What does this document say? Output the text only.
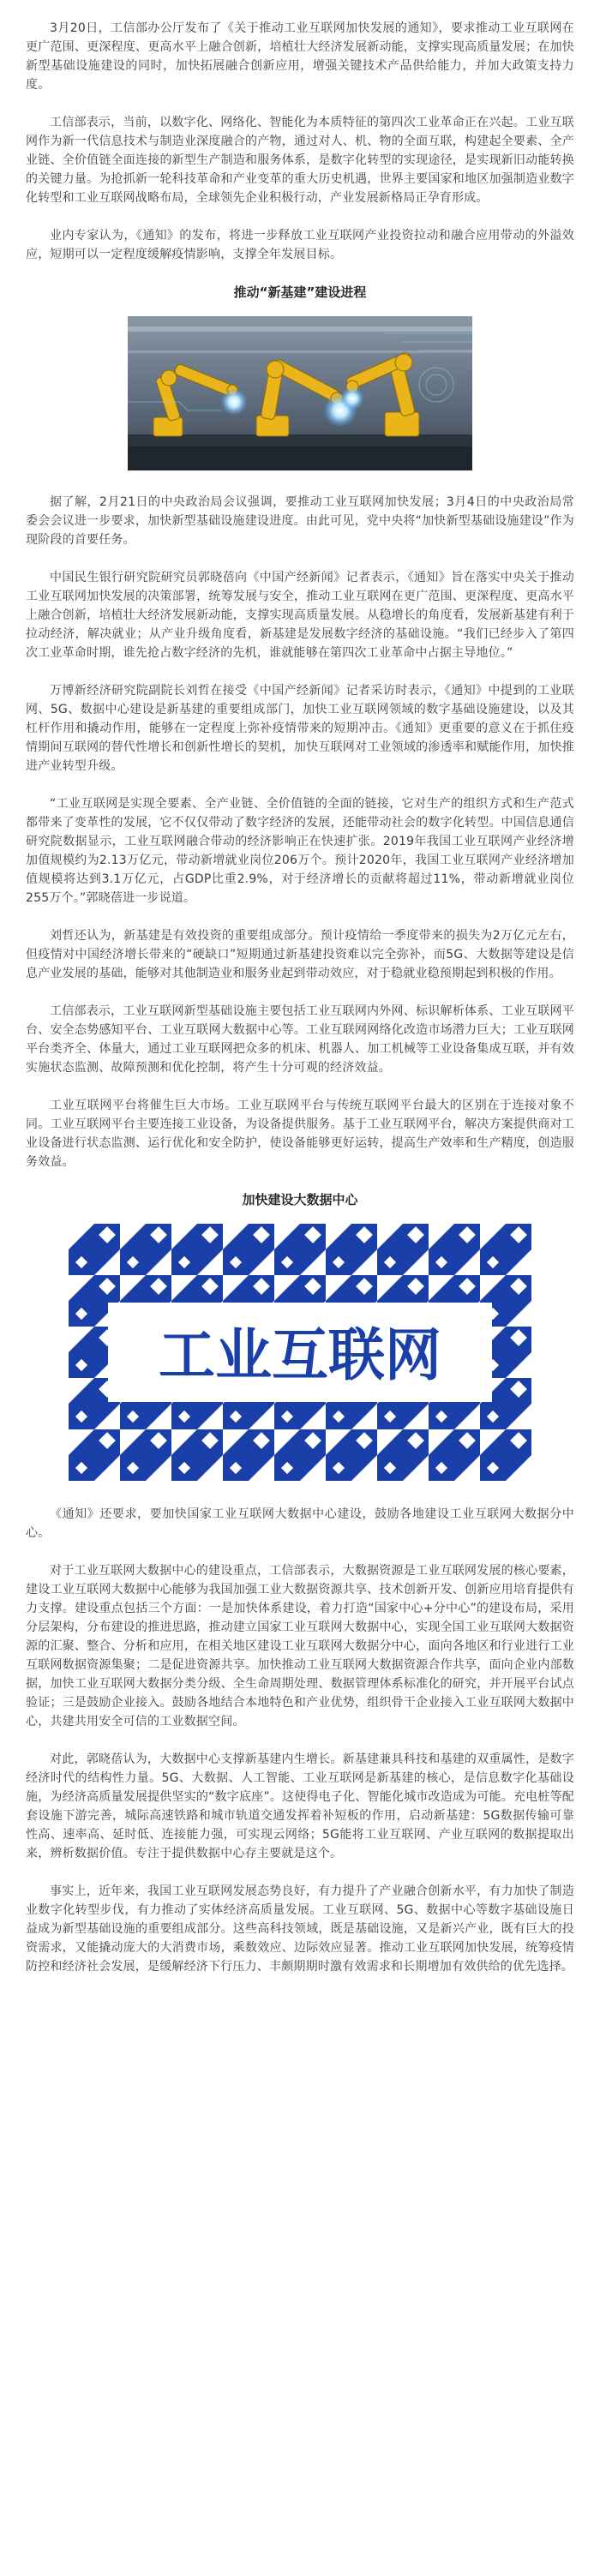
3月20日，工信部办公厅发布了《关于推动工业互联网加快发展的通知》，要求推动工业互联网在更广范围、更深程度、更高水平上融合创新，培植壮大经济发展新动能，支撑实现高质量发展；在加快新型基础设施建设的同时，加快拓展融合创新应用，增强关键技术产品供给能力，并加大政策支持力度。

工信部表示，当前，以数字化、网络化、智能化为本质特征的第四次工业革命正在兴起。工业互联网作为新一代信息技术与制造业深度融合的产物，通过对人、机、物的全面互联，构建起全要素、全产业链、全价值链全面连接的新型生产制造和服务体系，是数字化转型的实现途径，是实现新旧动能转换的关键力量。为抢抓新一轮科技革命和产业变革的重大历史机遇，世界主要国家和地区加强制造业数字化转型和工业互联网战略布局，全球领先企业积极行动，产业发展新格局正孕育形成。

业内专家认为，《通知》的发布，将进一步释放工业互联网产业投资拉动和融合应用带动的外溢效应，短期可以一定程度缓解疫情影响，支撑全年发展目标。

推动“新基建”建设进程

据了解，2月21日的中央政治局会议强调，要推动工业互联网加快发展；3月4日的中央政治局常委会会议进一步要求，加快新型基础设施建设进度。由此可见，党中央将“加快新型基础设施建设”作为现阶段的首要任务。

中国民生银行研究院研究员郭晓蓓向《中国产经新闻》记者表示，《通知》旨在落实中央关于推动工业互联网加快发展的决策部署，统筹发展与安全，推动工业互联网在更广范围、更深程度、更高水平上融合创新，培植壮大经济发展新动能，支撑实现高质量发展。从稳增长的角度看，发展新基建有利于拉动经济，解决就业；从产业升级角度看，新基建是发展数字经济的基础设施。“我们已经步入了第四次工业革命时期，谁先抢占数字经济的先机，谁就能够在第四次工业革命中占据主导地位。”

万博新经济研究院副院长刘哲在接受《中国产经新闻》记者采访时表示，《通知》中提到的工业联网、5G、数据中心建设是新基建的重要组成部门，加快工业互联网领域的数字基础设施建设，以及其杠杆作用和撬动作用，能够在一定程度上弥补疫情带来的短期冲击。《通知》更重要的意义在于抓住疫情期间互联网的替代性增长和创新性增长的契机，加快互联网对工业领域的渗透率和赋能作用，加快推进产业转型升级。

“工业互联网是实现全要素、全产业链、全价值链的全面的链接，它对生产的组织方式和生产范式都带来了变革性的发展，它不仅仅带动了数字经济的发展，还能带动社会的数字化转型。中国信息通信研究院数据显示，工业互联网融合带动的经济影响正在快速扩张。2019年我国工业互联网产业经济增加值规模约为2.13万亿元，带动新增就业岗位206万个。预计2020年，我国工业互联网产业经济增加值规模将达到3.1万亿元，占GDP比重2.9%，对于经济增长的贡献将超过11%，带动新增就业岗位255万个。”郭晓蓓进一步说道。

刘哲还认为，新基建是有效投资的重要组成部分。预计疫情给一季度带来的损失为2万亿元左右，但疫情对中国经济增长带来的“硬缺口”短期通过新基建投资难以完全弥补，而5G、大数据等建设是信息产业发展的基础，能够对其他制造业和服务业起到带动效应，对于稳就业稳预期起到积极的作用。

工信部表示，工业互联网新型基础设施主要包括工业互联网内外网、标识解析体系、工业互联网平台、安全态势感知平台、工业互联网大数据中心等。工业互联网网络化改造市场潜力巨大；工业互联网平台类齐全、体量大，通过工业互联网把众多的机床、机器人、加工机械等工业设备集成互联，并有效实施状态监测、故障预测和优化控制，将产生十分可观的经济效益。

工业互联网平台将催生巨大市场。工业互联网平台与传统互联网平台最大的区别在于连接对象不同。工业互联网平台主要连接工业设备，为设备提供服务。基于工业互联网平台，解决方案提供商对工业设备进行状态监测、运行优化和安全防护，使设备能够更好运转，提高生产效率和生产精度，创造服务效益。

加快建设大数据中心
工业互联网

《通知》还要求，要加快国家工业互联网大数据中心建设，鼓励各地建设工业互联网大数据分中心。

对于工业互联网大数据中心的建设重点，工信部表示，大数据资源是工业互联网发展的核心要素，建设工业互联网大数据中心能够为我国加强工业大数据资源共享、技术创新开发、创新应用培育提供有力支撑。建设重点包括三个方面：一是加快体系建设，着力打造“国家中心+分中心”的建设布局，采用分层架构，分布建设的推进思路，推动建立国家工业互联网大数据中心，实现全国工业互联网大数据资源的汇聚、整合、分析和应用，在相关地区建设工业互联网大数据分中心，面向各地区和行业进行工业互联网数据资源集聚；二是促进资源共享。加快推动工业互联网大数据资源合作共享，面向企业内部数据，加快工业互联网大数据分类分级、全生命周期处理、数据管理体系标准化的研究，并开展平台试点验证；三是鼓励企业接入。鼓励各地结合本地特色和产业优势，组织骨干企业接入工业互联网大数据中心，共建共用安全可信的工业数据空间。

对此，郭晓蓓认为，大数据中心支撑新基建内生增长。新基建兼具科技和基建的双重属性，是数字经济时代的结构性力量。5G、大数据、人工智能、工业互联网是新基建的核心，是信息数字化基础设施，为经济高质量发展提供坚实的“数字底座”。这使得电子化、智能化城市改造成为可能。充电桩等配套设施下游完善，城际高速铁路和城市轨道交通发挥着补短板的作用，启动新基建：5G数据传输可靠性高、速率高、延时低、连接能力强，可实现云网络；5G能将工业互联网、产业互联网的数据提取出来，辨析数据价值。专注于提供数据中心存主要就是这个。

事实上，近年来，我国工业互联网发展态势良好，有力提升了产业融合创新水平，有力加快了制造业数字化转型步伐，有力推动了实体经济高质量发展。工业互联网、5G、数据中心等数字基础设施日益成为新型基础设施的重要组成部分。这些高科技领域，既是基础设施，又是新兴产业，既有巨大的投资需求，又能撬动庞大的大消费市场，乘数效应、边际效应显著。推动工业互联网加快发展，统筹疫情防控和经济社会发展，是缓解经济下行压力、丰颇期期时激有效需求和长期增加有效供给的优先选择。
